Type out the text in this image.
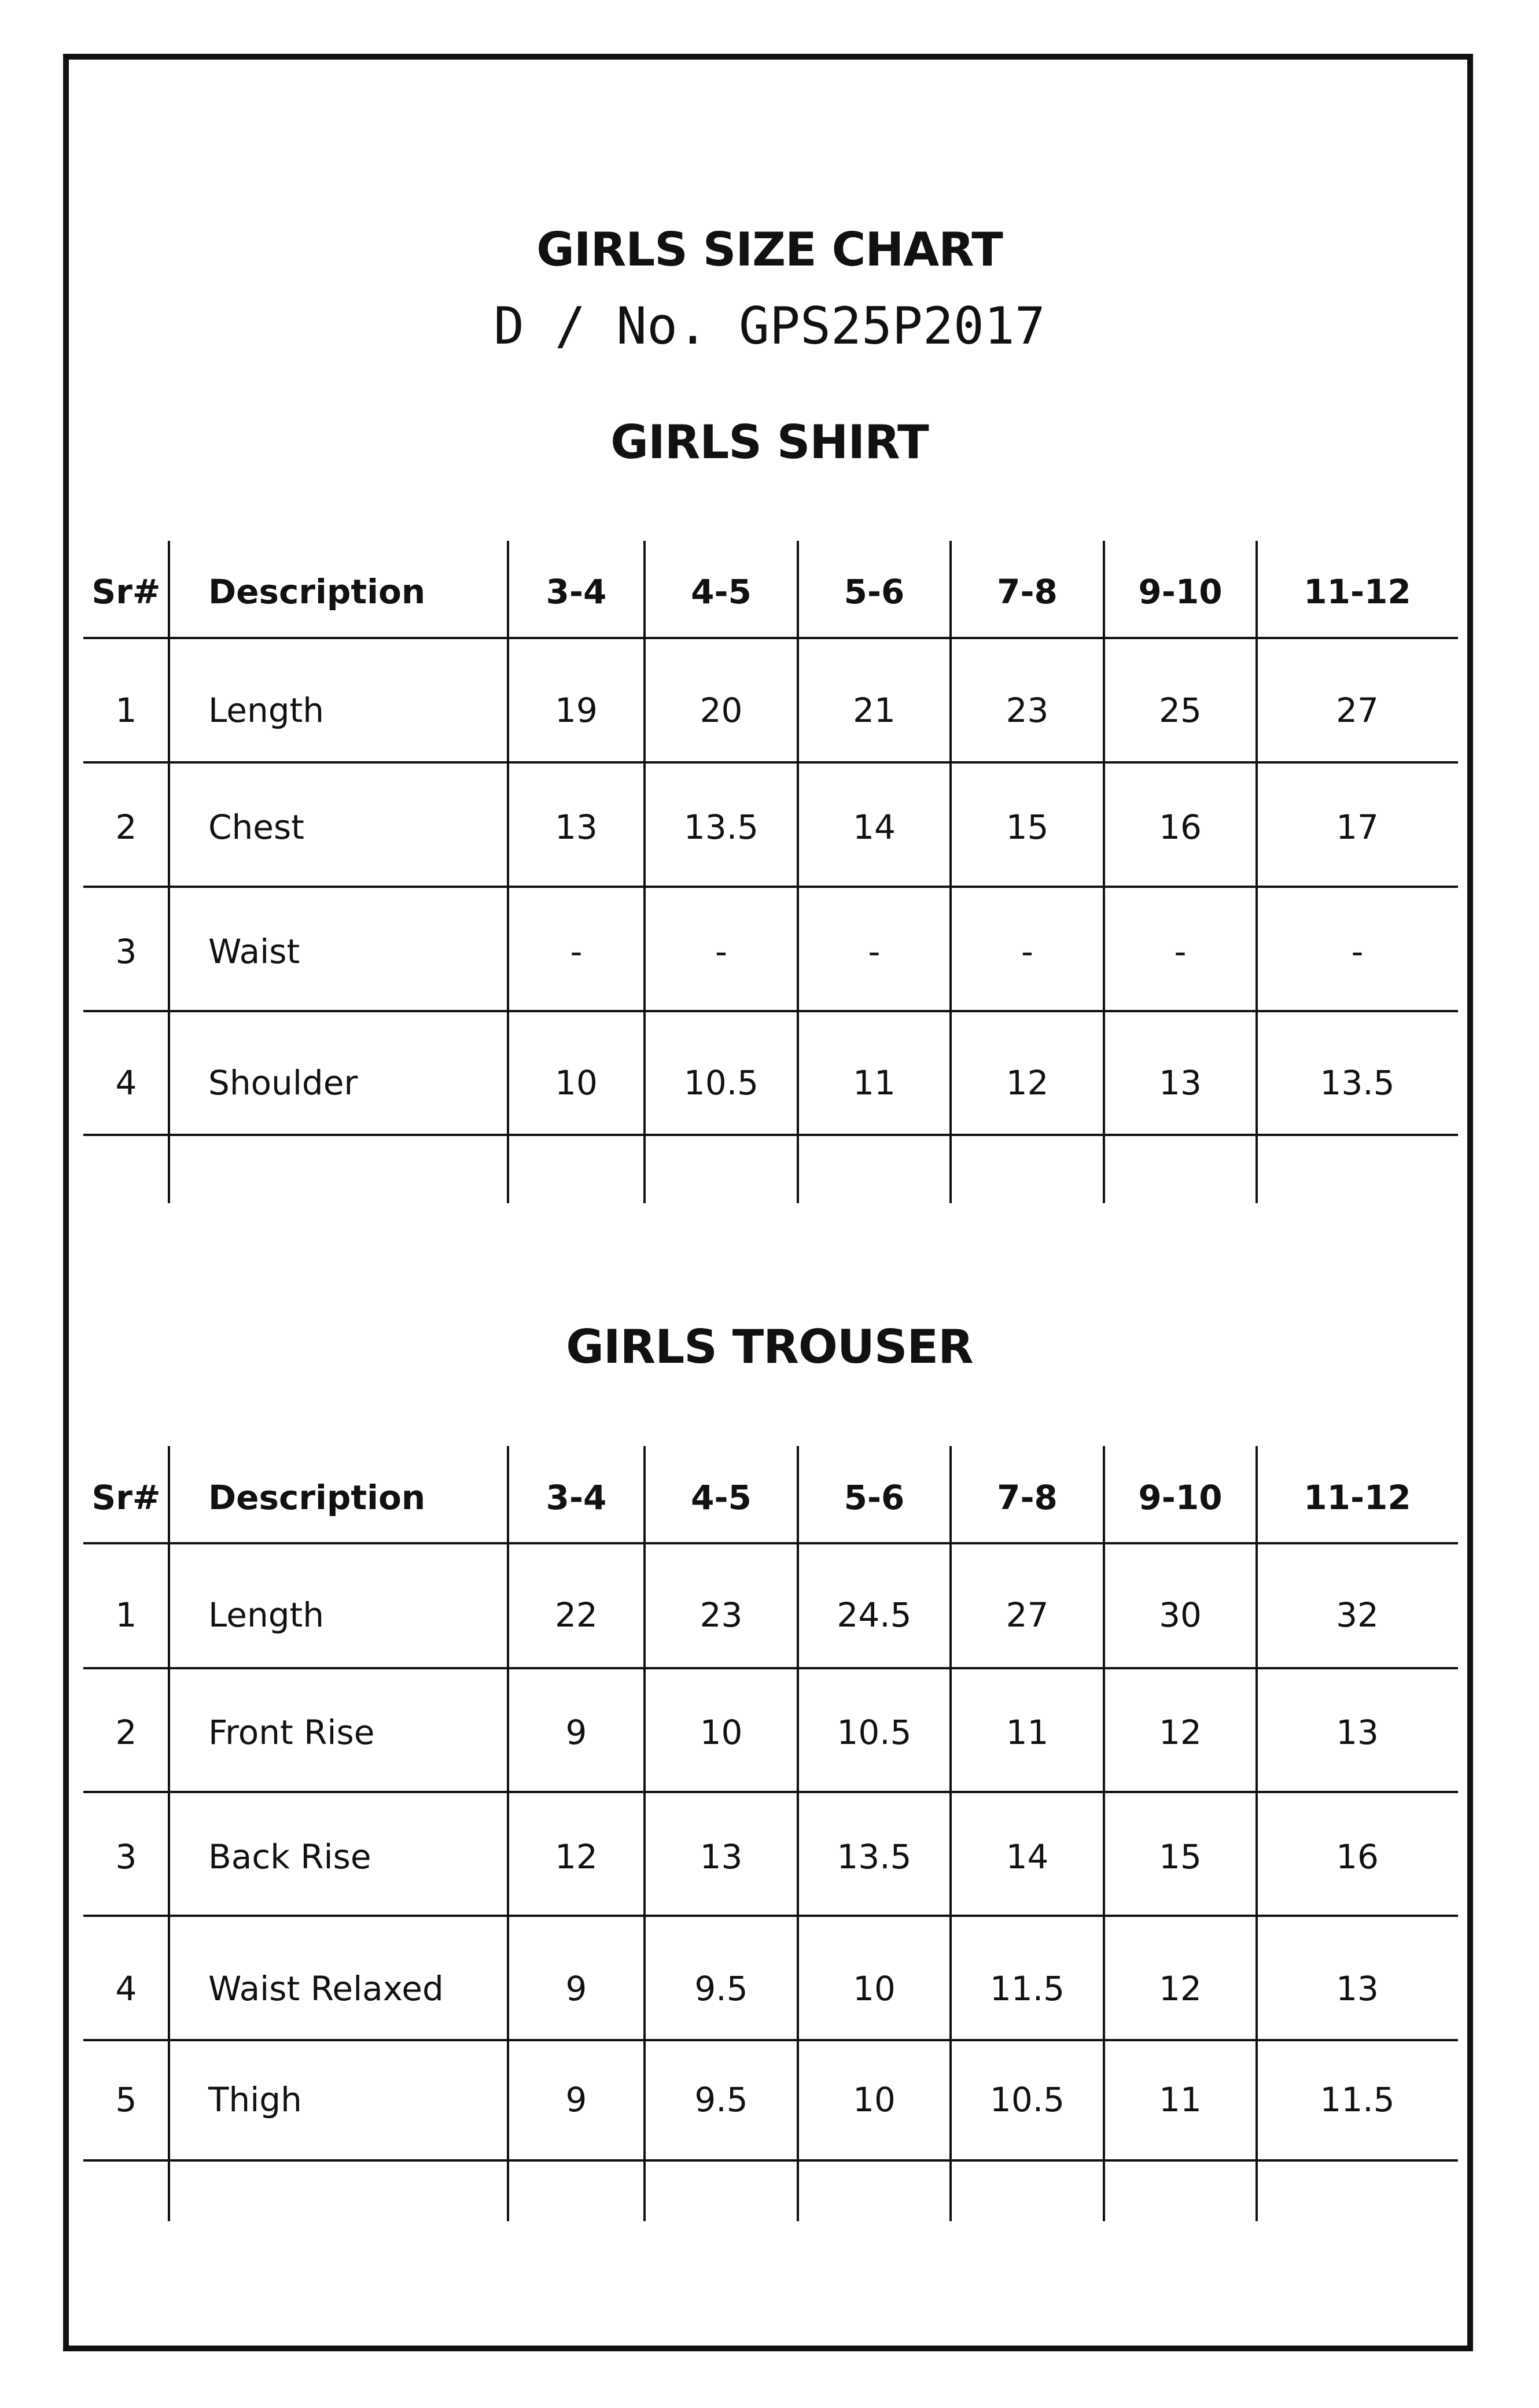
GIRLS SIZE CHART
D / No. GPS25P2017
GIRLS SHIRT
GIRLS TROUSER
Sr# Description	3-4	4-5	5-6	7-8	9-10	11-12
1	Length	19	20	21	23	25	27
2	Chest	13	13.5	14	15	16	17
3	Waist	-	-	-	-	-	-
4	Shoulder	10	10.5	11	12	13	13.5
Sr# Description	3-4	4-5	5-6	7-8	9-10	11-12
1	Length	22	23	24.5	27	30	32
2	Front Rise	9	10	10.5	11	12	13
3	Back Rise	12	13	13.5	14	15	16
4	Waist Relaxed	9	9.5	10	11.5	12	13
5	Thigh	9	9.5	10	10.5	11	11.5
